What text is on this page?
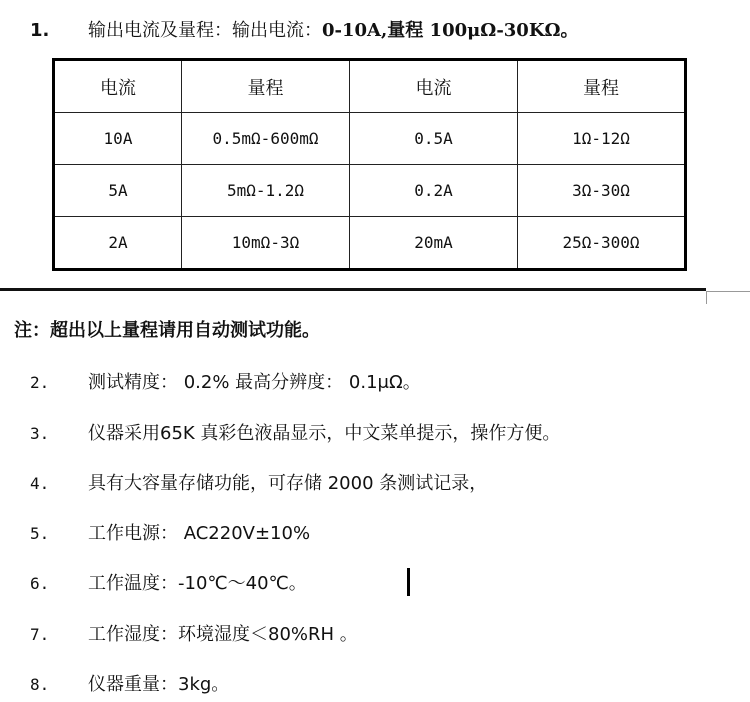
1. 输出电流及量程：输出电流：0-10A,量程 100μΩ-30KΩ。
电流	量程	电流	量程
10A	0.5mΩ-600mΩ	0.5A	1Ω-12Ω
5A	5mΩ-1.2Ω	0.2A	3Ω-30Ω
2A	10mΩ-3Ω	20mA	25Ω-300Ω
注：超出以上量程请用自动测试功能。
2.	测试精度： 0.2% 最高分辨度： 0.1μΩ。
3.	仪器采用65K 真彩色液晶显示，中文菜单提示，操作方便。
4.	具有大容量存储功能，可存储 2000 条测试记录，
5.	工作电源： AC220V±10%
6.	工作温度：-10℃～40℃。
7.	工作湿度：环境湿度＜80%RH 。
8.	仪器重量：3kg。
